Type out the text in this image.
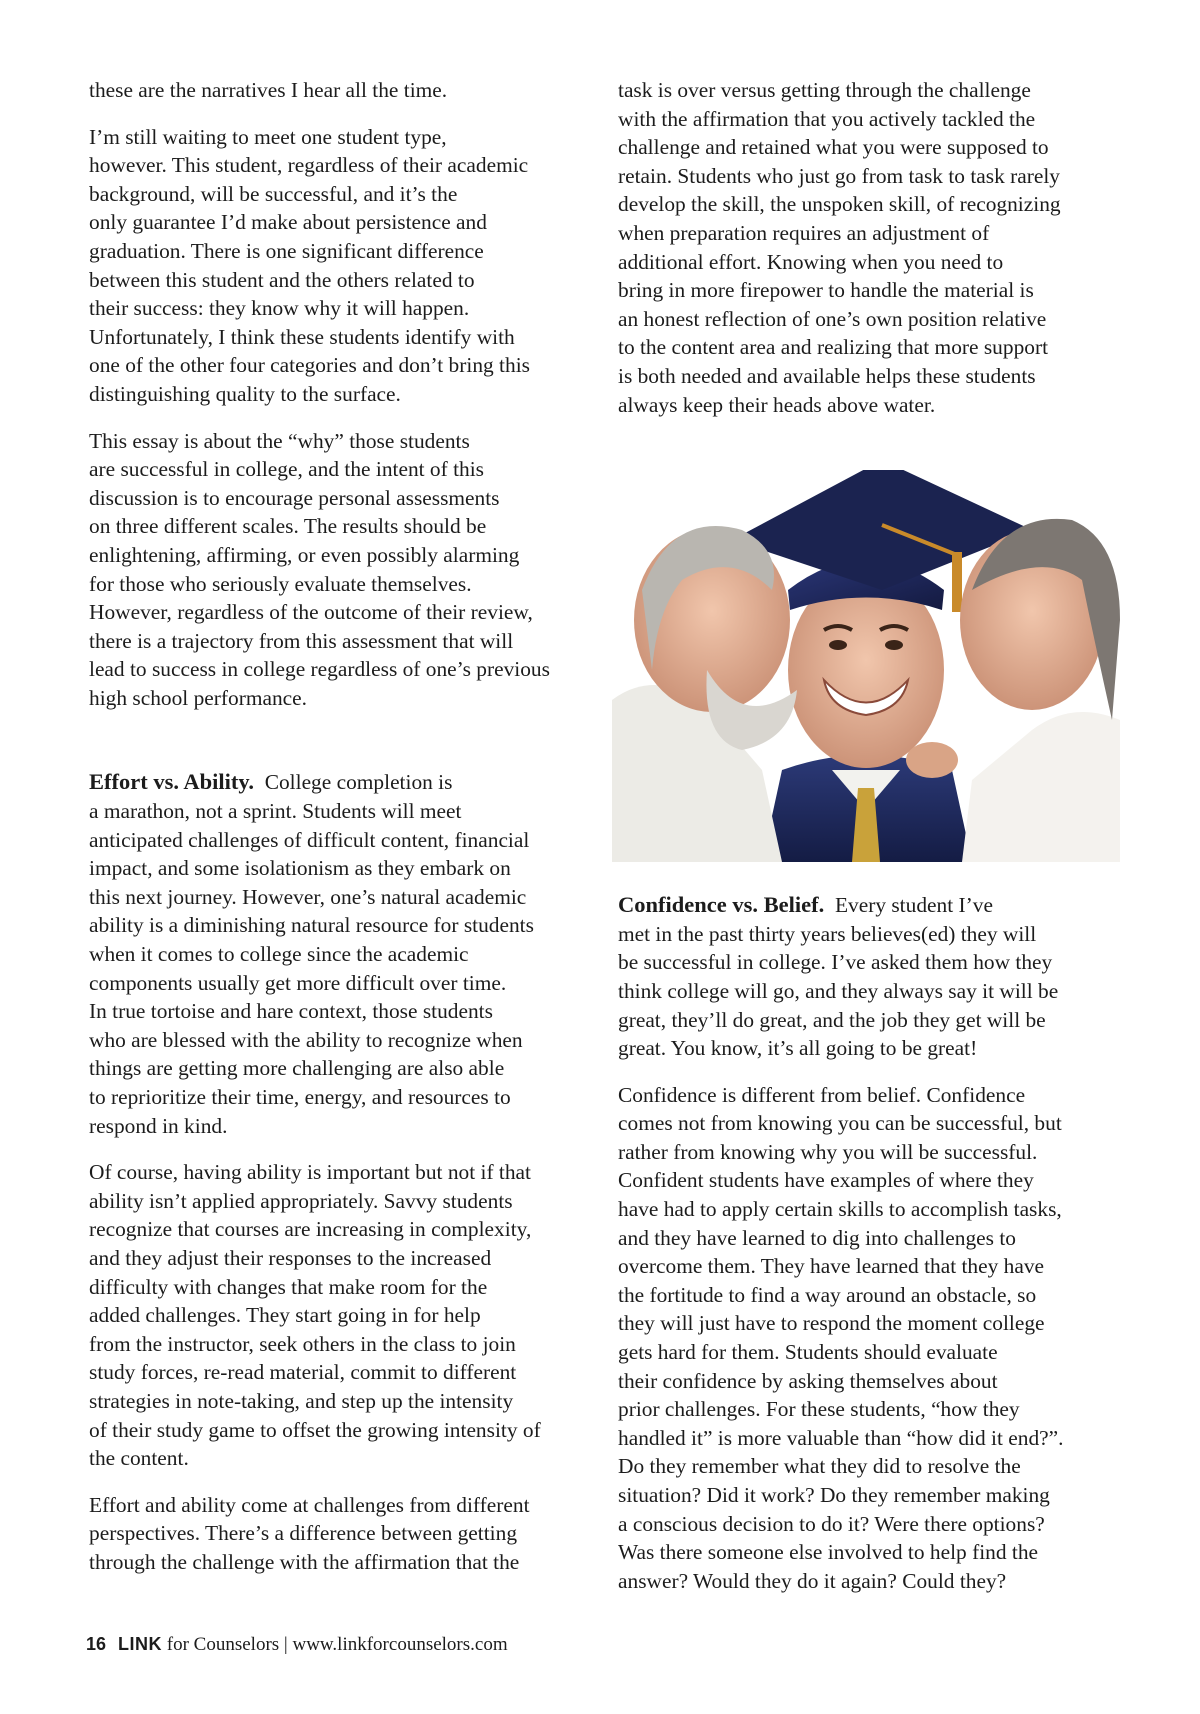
these are the narratives I hear all the time.

I’m still waiting to meet one student type,
however. This student, regardless of their academic
background, will be successful, and it’s the
only guarantee I’d make about persistence and
graduation. There is one significant difference
between this student and the others related to
their success: they know why it will happen.
Unfortunately, I think these students identify with
one of the other four categories and don’t bring this
distinguishing quality to the surface.

This essay is about the “why” those students
are successful in college, and the intent of this
discussion is to encourage personal assessments
on three different scales. The results should be
enlightening, affirming, or even possibly alarming
for those who seriously evaluate themselves.
However, regardless of the outcome of their review,
there is a trajectory from this assessment that will
lead to success in college regardless of one’s previous
high school performance.

Effort vs. Ability. College completion is
a marathon, not a sprint. Students will meet
anticipated challenges of difficult content, financial
impact, and some isolationism as they embark on
this next journey. However, one’s natural academic
ability is a diminishing natural resource for students
when it comes to college since the academic
components usually get more difficult over time.
In true tortoise and hare context, those students
who are blessed with the ability to recognize when
things are getting more challenging are also able
to reprioritize their time, energy, and resources to
respond in kind.

Of course, having ability is important but not if that
ability isn’t applied appropriately. Savvy students
recognize that courses are increasing in complexity,
and they adjust their responses to the increased
difficulty with changes that make room for the
added challenges. They start going in for help
from the instructor, seek others in the class to join
study forces, re-read material, commit to different
strategies in note-taking, and step up the intensity
of their study game to offset the growing intensity of
the content.

Effort and ability come at challenges from different
perspectives. There’s a difference between getting
through the challenge with the affirmation that the

task is over versus getting through the challenge
with the affirmation that you actively tackled the
challenge and retained what you were supposed to
retain. Students who just go from task to task rarely
develop the skill, the unspoken skill, of recognizing
when preparation requires an adjustment of
additional effort. Knowing when you need to
bring in more firepower to handle the material is
an honest reflection of one’s own position relative
to the content area and realizing that more support
is both needed and available helps these students
always keep their heads above water.

Confidence vs. Belief. Every student I’ve
met in the past thirty years believes(ed) they will
be successful in college. I’ve asked them how they
think college will go, and they always say it will be
great, they’ll do great, and the job they get will be
great. You know, it’s all going to be great!

Confidence is different from belief. Confidence
comes not from knowing you can be successful, but
rather from knowing why you will be successful.
Confident students have examples of where they
have had to apply certain skills to accomplish tasks,
and they have learned to dig into challenges to
overcome them. They have learned that they have
the fortitude to find a way around an obstacle, so
they will just have to respond the moment college
gets hard for them. Students should evaluate
their confidence by asking themselves about
prior challenges. For these students, “how they
handled it” is more valuable than “how did it end?”.
Do they remember what they did to resolve the
situation? Did it work? Do they remember making
a conscious decision to do it? Were there options?
Was there someone else involved to help find the
answer? Would they do it again? Could they?

16 LINK for Counselors | www.linkforcounselors.com
